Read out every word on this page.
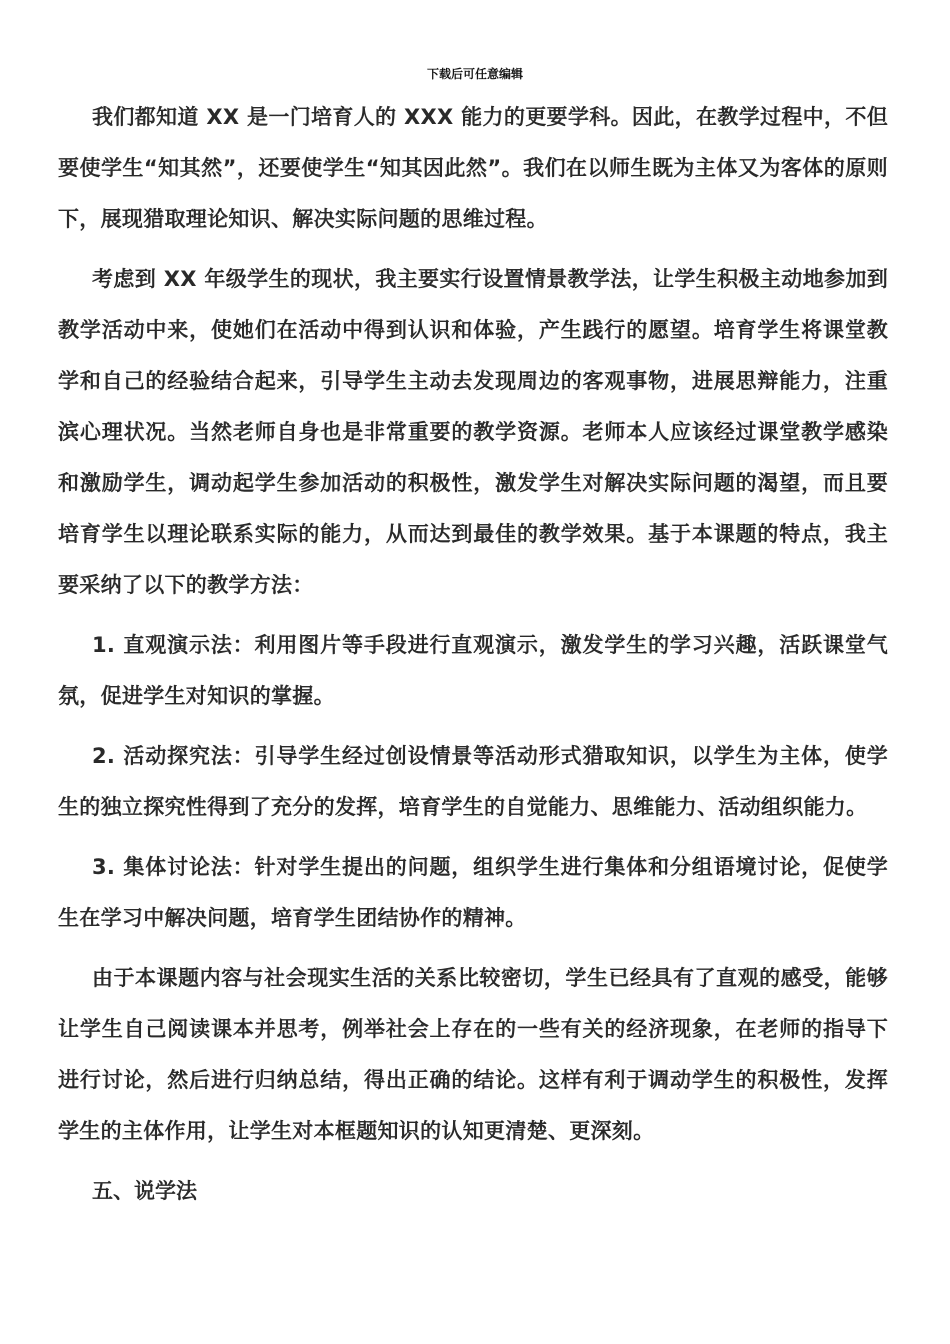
下载后可任意编辑

我们都知道 XX 是一门培育人的 XXX 能力的更要学科。因此，在教学过程中，不但要使学生“知其然”，还要使学生“知其因此然”。我们在以师生既为主体又为客体的原则下，展现猎取理论知识、解决实际问题的思维过程。

考虑到 XX 年级学生的现状，我主要实行设置情景教学法，让学生积极主动地参加到教学活动中来，使她们在活动中得到认识和体验，产生践行的愿望。培育学生将课堂教学和自己的经验结合起来，引导学生主动去发现周边的客观事物，进展思辩能力，注重滨心理状况。当然老师自身也是非常重要的教学资源。老师本人应该经过课堂教学感染和激励学生，调动起学生参加活动的积极性，激发学生对解决实际问题的渴望，而且要培育学生以理论联系实际的能力，从而达到最佳的教学效果。基于本课题的特点，我主要采纳了以下的教学方法：

1. 直观演示法：利用图片等手段进行直观演示，激发学生的学习兴趣，活跃课堂气氛，促进学生对知识的掌握。

2. 活动探究法：引导学生经过创设情景等活动形式猎取知识，以学生为主体，使学生的独立探究性得到了充分的发挥，培育学生的自觉能力、思维能力、活动组织能力。

3. 集体讨论法：针对学生提出的问题，组织学生进行集体和分组语境讨论，促使学生在学习中解决问题，培育学生团结协作的精神。

由于本课题内容与社会现实生活的关系比较密切，学生已经具有了直观的感受，能够让学生自己阅读课本并思考，例举社会上存在的一些有关的经济现象，在老师的指导下进行讨论，然后进行归纳总结，得出正确的结论。这样有利于调动学生的积极性，发挥学生的主体作用，让学生对本框题知识的认知更清楚、更深刻。

五、说学法
